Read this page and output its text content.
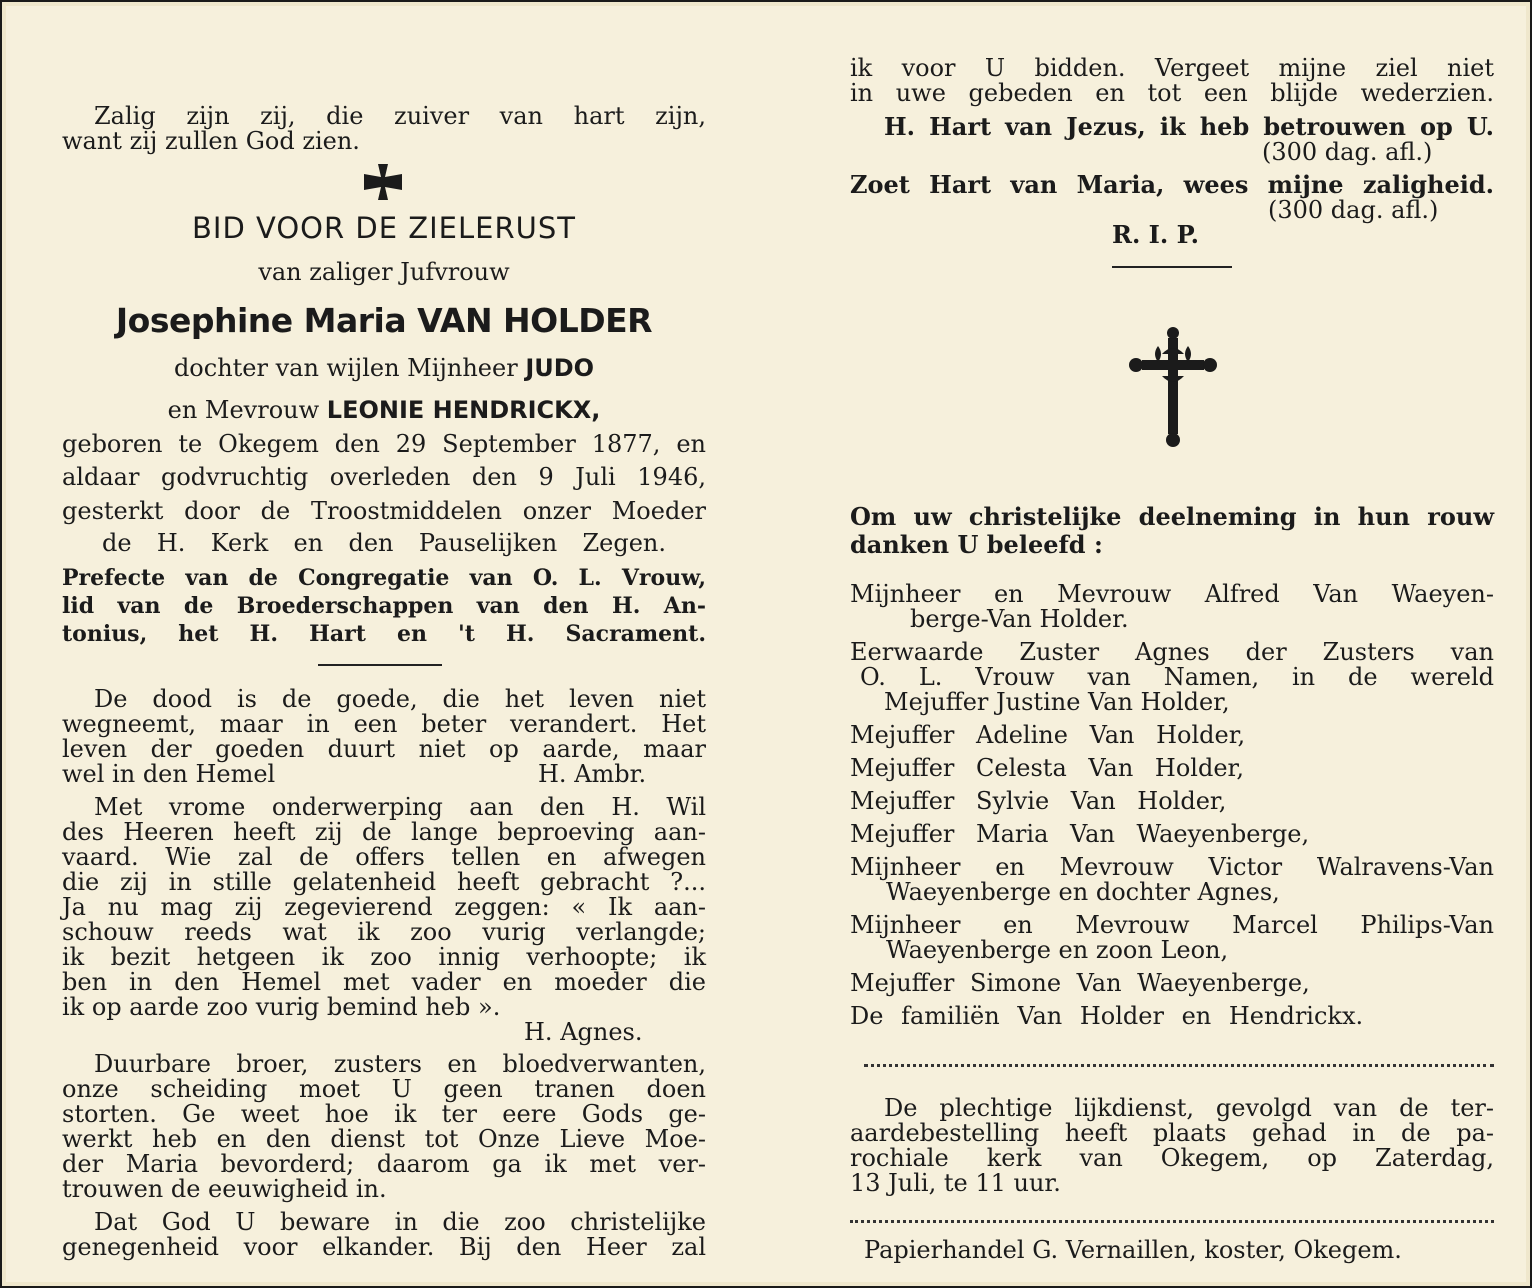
Zalig zijn zij, die zuiver van hart zijn,
want zij zullen God zien.
BID VOOR DE ZIELERUST
van zaliger Jufvrouw
Josephine Maria VAN HOLDER
dochter van wijlen Mijnheer JUDO
en Mevrouw LEONIE HENDRICKX,
geboren te Okegem den 29 September 1877, en
aldaar godvruchtig overleden den 9 Juli 1946,
gesterkt door de Troostmiddelen onzer Moeder
de H. Kerk en den Pauselijken Zegen.
Prefecte van de Congregatie van O. L. Vrouw,
lid van de Broederschappen van den H. An-
tonius, het H. Hart en 't H. Sacrament.
De dood is de goede, die het leven niet
wegneemt, maar in een beter verandert. Het
leven der goeden duurt niet op aarde, maar
wel in den Hemel	H. Ambr.
Met vrome onderwerping aan den H. Wil
des Heeren heeft zij de lange beproeving aan-
vaard. Wie zal de offers tellen en afwegen
die zij in stille gelatenheid heeft gebracht ?...
Ja nu mag zij zegevierend zeggen: « Ik aan-
schouw reeds wat ik zoo vurig verlangde;
ik bezit hetgeen ik zoo innig verhoopte; ik
ben in den Hemel met vader en moeder die
ik op aarde zoo vurig bemind heb ».
H. Agnes.
Duurbare broer, zusters en bloedverwanten,
onze scheiding moet U geen tranen doen
storten. Ge weet hoe ik ter eere Gods ge-
werkt heb en den dienst tot Onze Lieve Moe-
der Maria bevorderd; daarom ga ik met ver-
trouwen de eeuwigheid in.
Dat God U beware in die zoo christelijke
genegenheid voor elkander. Bij den Heer zal
ik voor U bidden. Vergeet mijne ziel niet
in uwe gebeden en tot een blijde wederzien.
H. Hart van Jezus, ik heb betrouwen op U.
(300 dag. afl.)
Zoet Hart van Maria, wees mijne zaligheid.
(300 dag. afl.)
R. I. P.
Om uw christelijke deelneming in hun rouw
danken U beleefd :
Mijnheer en Mevrouw Alfred Van Waeyen-
berge-Van Holder.
Eerwaarde Zuster Agnes der Zusters van
O. L. Vrouw van Namen, in de wereld
Mejuffer Justine Van Holder,
Mejuffer Adeline Van Holder,
Mejuffer Celesta Van Holder,
Mejuffer Sylvie Van Holder,
Mejuffer Maria Van Waeyenberge,
Mijnheer en Mevrouw Victor Walravens-Van
Waeyenberge en dochter Agnes,
Mijnheer en Mevrouw Marcel Philips-Van
Waeyenberge en zoon Leon,
Mejuffer Simone Van Waeyenberge,
De familiën Van Holder en Hendrickx.
De plechtige lijkdienst, gevolgd van de ter-
aardebestelling heeft plaats gehad in de pa-
rochiale kerk van Okegem, op Zaterdag,
13 Juli, te 11 uur.
Papierhandel G. Vernaillen, koster, Okegem.
